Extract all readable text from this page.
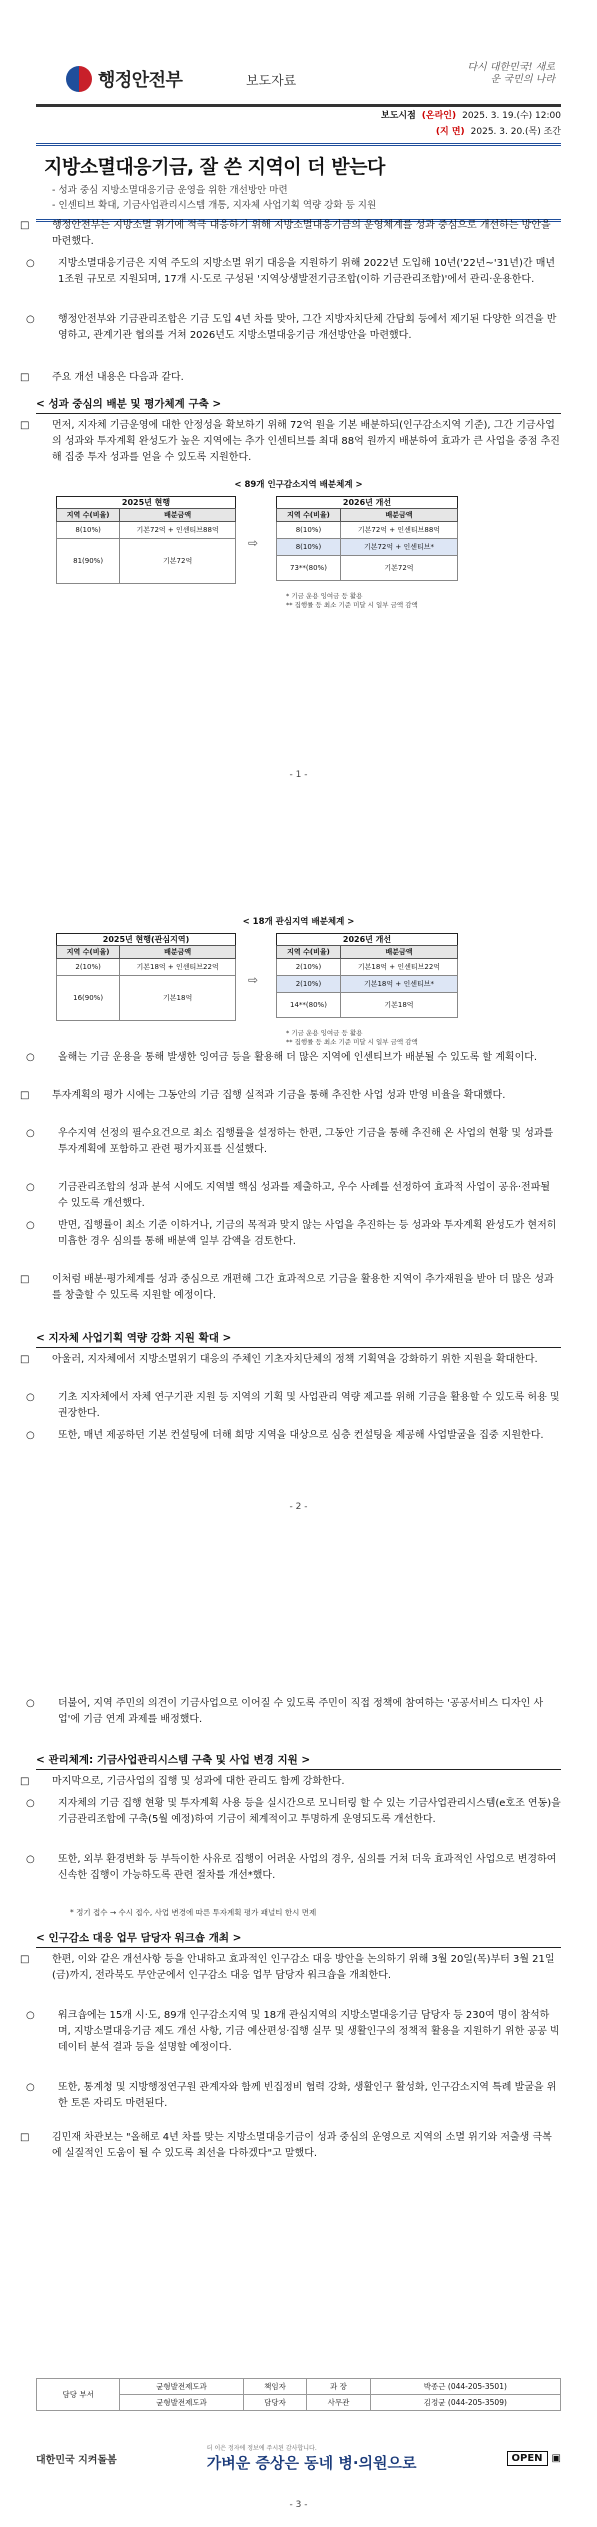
행정안전부	보도자료
다시 대한민국! 새로운 국민의 나라
보도시점 (온라인) 2025. 3. 19.(수) 12:00
(지 면) 2025. 3. 20.(목) 조간
지방소멸대응기금, 잘 쓴 지역이 더 받는다

- 성과 중심 지방소멸대응기금 운영을 위한 개선방안 마련

- 인센티브 확대, 기금사업관리시스템 개통, 지자체 사업기획 역량 강화 등 지원

□ 행정안전부는 지방소멸 위기에 적극 대응하기 위해 지방소멸대응기금의 운영체계를 성과 중심으로 개선하는 방안을 마련했다.

○ 지방소멸대응기금은 지역 주도의 지방소멸 위기 대응을 지원하기 위해 2022년 도입해 10년('22년~'31년)간 매년 1조원 규모로 지원되며, 17개 시·도로 구성된 '지역상생발전기금조합(이하 기금관리조합)'에서 관리·운용한다.

○ 행정안전부와 기금관리조합은 기금 도입 4년 차를 맞아, 그간 지방자치단체 간담회 등에서 제기된 다양한 의견을 반영하고, 관계기관 협의를 거쳐 2026년도 지방소멸대응기금 개선방안을 마련했다.

□ 주요 개선 내용은 다음과 같다.

< 성과 중심의 배분 및 평가체계 구축 >

□ 먼저, 지자체 기금운영에 대한 안정성을 확보하기 위해 72억 원을 기본 배분하되(인구감소지역 기준), 그간 기금사업의 성과와 투자계획 완성도가 높은 지역에는 추가 인센티브를 최대 88억 원까지 배분하여 효과가 큰 사업을 중점 추진해 집중 투자 성과를 얻을 수 있도록 지원한다.

< 89개 인구감소지역 배분체계 >
2025년 현행
지역 수(비율)	배분금액
8(10%)	기본72억 + 인센티브88억
81(90%)	기본72억
⇨
2026년 개선
지역 수(비율)	배분금액
8(10%)	기본72억 + 인센티브88억
8(10%)	기본72억 + 인센티브*
73**(80%)	기본72억
* 기금 운용 잉여금 등 활용
** 집행률 등 최소 기준 미달 시 일부 금액 감액
- 1 -
< 18개 관심지역 배분체계 >
2025년 현행(관심지역)
지역 수(비율)	배분금액
2(10%)	기본18억 + 인센티브22억
16(90%)	기본18억
⇨
2026년 개선
지역 수(비율)	배분금액
2(10%)	기본18억 + 인센티브22억
2(10%)	기본18억 + 인센티브*
14**(80%)	기본18억
* 기금 운용 잉여금 등 활용
** 집행률 등 최소 기준 미달 시 일부 금액 감액

○ 올해는 기금 운용을 통해 발생한 잉여금 등을 활용해 더 많은 지역에 인센티브가 배분될 수 있도록 할 계획이다.

□ 투자계획의 평가 시에는 그동안의 기금 집행 실적과 기금을 통해 추진한 사업 성과 반영 비율을 확대했다.

○ 우수지역 선정의 필수요건으로 최소 집행률을 설정하는 한편, 그동안 기금을 통해 추진해 온 사업의 현황 및 성과를 투자계획에 포함하고 관련 평가지표를 신설했다.

○ 기금관리조합의 성과 분석 시에도 지역별 핵심 성과를 제출하고, 우수 사례를 선정하여 효과적 사업이 공유·전파될 수 있도록 개선했다.

○ 반면, 집행률이 최소 기준 이하거나, 기금의 목적과 맞지 않는 사업을 추진하는 등 성과와 투자계획 완성도가 현저히 미흡한 경우 심의를 통해 배분액 일부 감액을 검토한다.

□ 이처럼 배분·평가체계를 성과 중심으로 개편해 그간 효과적으로 기금을 활용한 지역이 추가재원을 받아 더 많은 성과를 창출할 수 있도록 지원할 예정이다.

< 지자체 사업기획 역량 강화 지원 확대 >

□ 아울러, 지자체에서 지방소멸위기 대응의 주체인 기초자치단체의 정책 기획역을 강화하기 위한 지원을 확대한다.

○ 기초 지자체에서 자체 연구기관 지원 등 지역의 기획 및 사업관리 역량 제고를 위해 기금을 활용할 수 있도록 허용 및 권장한다.

○ 또한, 매년 제공하던 기본 컨설팅에 더해 희망 지역을 대상으로 심층 컨설팅을 제공해 사업발굴을 집중 지원한다.

- 2 -

○ 더불어, 지역 주민의 의견이 기금사업으로 이어질 수 있도록 주민이 직접 정책에 참여하는 '공공서비스 디자인 사업'에 기금 연계 과제를 배정했다.

< 관리체계: 기금사업관리시스템 구축 및 사업 변경 지원 >

□ 마지막으로, 기금사업의 집행 및 성과에 대한 관리도 함께 강화한다.

○ 지자체의 기금 집행 현황 및 투자계획 사용 등을 실시간으로 모니터링 할 수 있는 기금사업관리시스템(e호조 연동)을 기금관리조합에 구축(5월 예정)하여 기금이 체계적이고 투명하게 운영되도록 개선한다.

○ 또한, 외부 환경변화 등 부득이한 사유로 집행이 어려운 사업의 경우, 심의를 거쳐 더욱 효과적인 사업으로 변경하여 신속한 집행이 가능하도록 관련 절차를 개선*했다.

* 정기 접수 → 수시 접수, 사업 변경에 따른 투자계획 평가 패널티 한시 면제
< 인구감소 대응 업무 담당자 워크숍 개최 >

□ 한편, 이와 같은 개선사항 등을 안내하고 효과적인 인구감소 대응 방안을 논의하기 위해 3월 20일(목)부터 3월 21일(금)까지, 전라북도 무안군에서 인구감소 대응 업무 담당자 워크숍을 개최한다.

○ 워크숍에는 15개 시·도, 89개 인구감소지역 및 18개 관심지역의 지방소멸대응기금 담당자 등 230여 명이 참석하며, 지방소멸대응기금 제도 개선 사항, 기금 예산편성·집행 실무 및 생활인구의 정책적 활용을 지원하기 위한 공공 빅데이터 분석 결과 등을 설명할 예정이다.

○ 또한, 통계청 및 지방행정연구원 관계자와 함께 빈집정비 협력 강화, 생활인구 활성화, 인구감소지역 특례 발굴을 위한 토론 자리도 마련된다.

□ 김민재 차관보는 "올해로 4년 차를 맞는 지방소멸대응기금이 성과 중심의 운영으로 지역의 소멸 위기와 저출생 극복에 실질적인 도움이 될 수 있도록 최선을 다하겠다"고 말했다.

담당 부서	균형발전제도과	책임자	과 장	박종근 (044-205-3501)
	균형발전제도과	담당자	사무관	김정균 (044-205-3509)
대한민국 지켜돌봄
더 이은 정자에 정보에 주시된 감사합니다.
가벼운 증상은 동네 병·의원으로	OPEN ▣
- 3 -
